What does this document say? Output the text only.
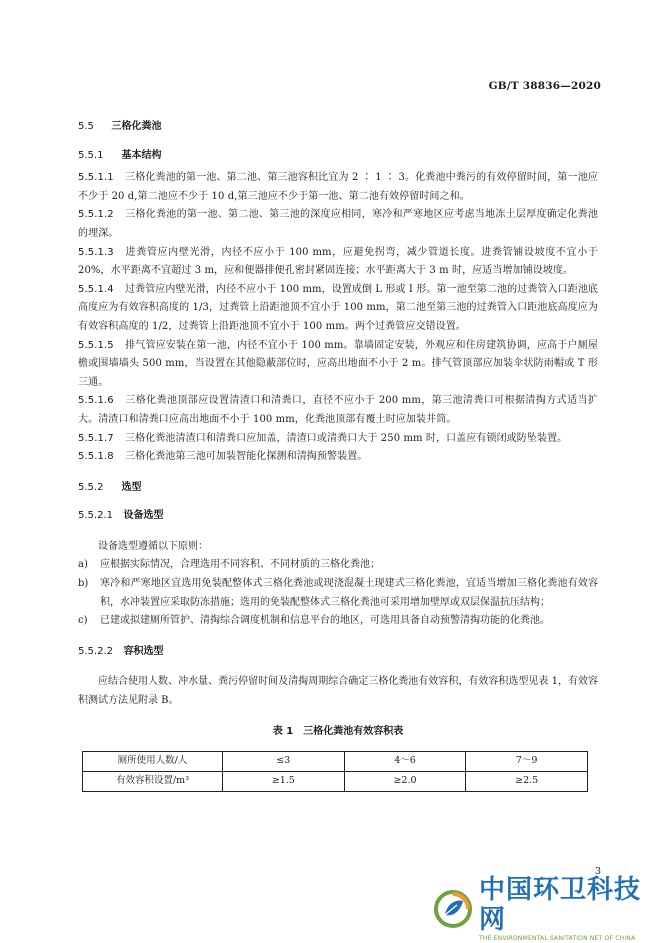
GB/T 38836—2020
5.5 三格化粪池
5.5.1 基本结构
5.5.1.1 三格化粪池的第一池、第二池、第三池容积比宜为 2 ∶ 1 ∶ 3。化粪池中粪污的有效停留时间，第一池应不少于 20 d,第二池应不少于 10 d,第三池应不少于第一池、第二池有效停留时间之和。
5.5.1.2 三格化粪池的第一池、第二池、第三池的深度应相同，寒冷和严寒地区应考虑当地冻土层厚度确定化粪池的埋深。
5.5.1.3 进粪管应内壁光滑，内径不应小于 100 mm，应避免拐弯，减少管道长度。进粪管铺设坡度不宜小于 20%，水平距离不宜超过 3 m，应和便器排便孔密封紧固连接；水平距离大于 3 m 时，应适当增加铺设坡度。
5.5.1.4 过粪管应内壁光滑，内径不应小于 100 mm，设置成倒 L 形或 I 形。第一池至第二池的过粪管入口距池底高度应为有效容积高度的 1/3，过粪管上沿距池顶不宜小于 100 mm，第二池至第三池的过粪管入口距池底高度应为有效容积高度的 1/2，过粪管上沿距池顶不宜小于 100 mm。两个过粪管应交错设置。
5.5.1.5 排气管应安装在第一池，内径不宜小于 100 mm。靠墙固定安装，外观应和住房建筑协调，应高于户厕屋檐或围墙墙头 500 mm，当设置在其他隐蔽部位时，应高出地面不小于 2 m。排气管顶部应加装伞状防雨帽或 T 形三通。
5.5.1.6 三格化粪池顶部应设置清渣口和清粪口，直径不应小于 200 mm，第三池清粪口可根据清掏方式适当扩大。清渣口和清粪口应高出地面不小于 100 mm，化粪池顶部有覆土时应加装井筒。
5.5.1.7 三格化粪池清渣口和清粪口应加盖，清渣口或清粪口大于 250 mm 时，口盖应有锁闭或防坠装置。
5.5.1.8 三格化粪池第三池可加装智能化探测和清掏预警装置。
5.5.2 选型
5.5.2.1 设备选型
设备选型遵循以下原则：
a) 应根据实际情况，合理选用不同容积、不同材质的三格化粪池；
b) 寒冷和严寒地区宜选用免装配整体式三格化粪池或现浇混凝土现建式三格化粪池，宜适当增加三格化粪池有效容积，水冲装置应采取防冻措施；选用的免装配整体式三格化粪池可采用增加壁厚或双层保温抗压结构；
c) 已建或拟建厕所管护、清掏综合调度机制和信息平台的地区，可选用具备自动预警清掏功能的化粪池。
5.5.2.2 容积选型
应结合使用人数、冲水量、粪污停留时间及清掏周期综合确定三格化粪池有效容积，有效容积选型见表 1，有效容积测试方法见附录 B。
表 1　三格化粪池有效容积表
厕所使用人数/人	≤3	4～6	7～9
有效容积设置/m³	≥1.5	≥2.0	≥2.5
3
中国环卫科技网
THE ENVIRONMENTAL SANITATION NET OF CHINA
